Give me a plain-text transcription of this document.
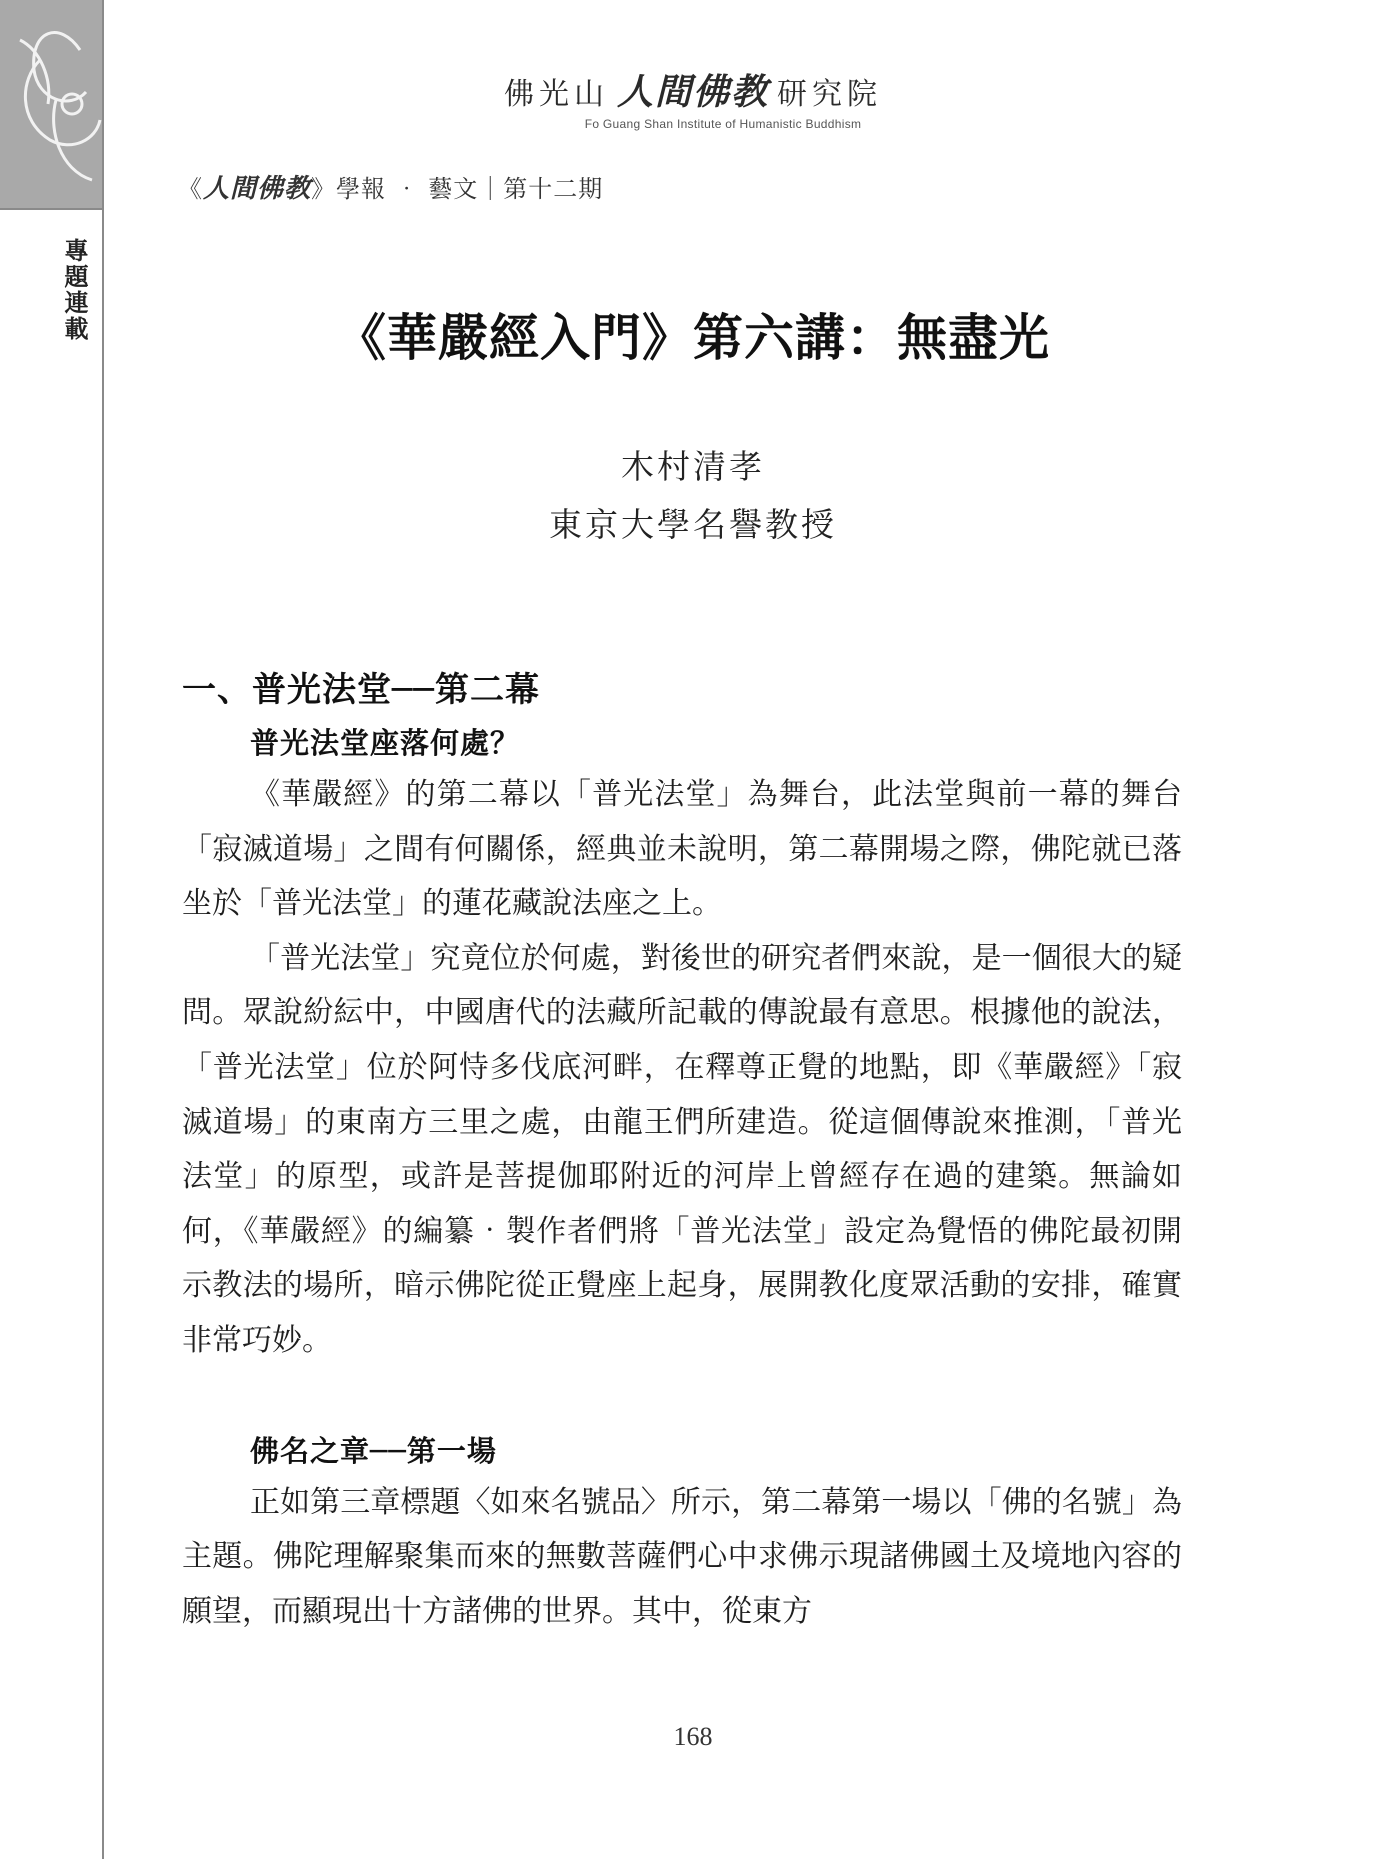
專題連載
佛光山 人間佛教 研究院
Fo Guang Shan Institute of Humanistic Buddhism
《人間佛教》學報 ‧ 藝文｜第十二期
《華嚴經入門》第六講：無盡光
木村清孝
東京大學名譽教授
一、普光法堂──第二幕
普光法堂座落何處？

《華嚴經》的第二幕以「普光法堂」為舞台，此法堂與前一幕的舞台「寂滅道場」之間有何關係，經典並未說明，第二幕開場之際，佛陀就已落坐於「普光法堂」的蓮花藏說法座之上。

「普光法堂」究竟位於何處，對後世的研究者們來說，是一個很大的疑問。眾說紛紜中，中國唐代的法藏所記載的傳說最有意思。根據他的說法，「普光法堂」位於阿恃多伐底河畔，在釋尊正覺的地點，即《華嚴經》「寂滅道場」的東南方三里之處，由龍王們所建造。從這個傳說來推測，「普光法堂」的原型，或許是菩提伽耶附近的河岸上曾經存在過的建築。無論如何，《華嚴經》的編纂‧製作者們將「普光法堂」設定為覺悟的佛陀最初開示教法的場所，暗示佛陀從正覺座上起身，展開教化度眾活動的安排，確實非常巧妙。

佛名之章──第一場

正如第三章標題〈如來名號品〉所示，第二幕第一場以「佛的名號」為主題。佛陀理解聚集而來的無數菩薩們心中求佛示現諸佛國土及境地內容的願望，而顯現出十方諸佛的世界。其中，從東方

168
